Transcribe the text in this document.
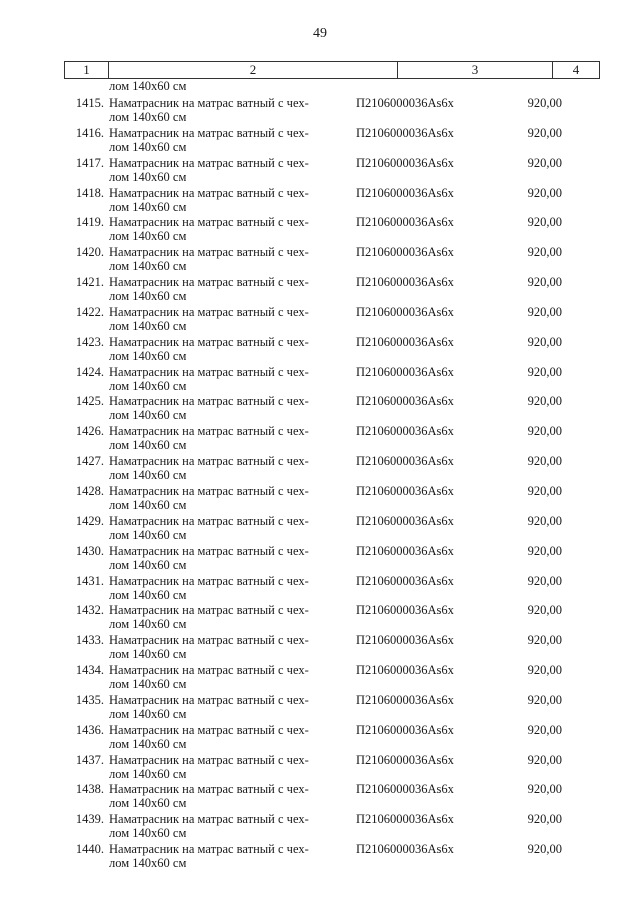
49
1	2	3	4
лом 140x60 см
1415. Наматрасник на матрас ватный с чех-
лом 140x60 см
П2106000036Аs6x	920,00
1416. Наматрасник на матрас ватный с чех-
лом 140x60 см
П2106000036Аs6x	920,00
1417. Наматрасник на матрас ватный с чех-
лом 140x60 см
П2106000036Аs6x	920,00
1418. Наматрасник на матрас ватный с чех-
лом 140x60 см
П2106000036Аs6x	920,00
1419. Наматрасник на матрас ватный с чех-
лом 140x60 см
П2106000036Аs6x	920,00
1420. Наматрасник на матрас ватный с чех-
лом 140x60 см
П2106000036Аs6x	920,00
1421. Наматрасник на матрас ватный с чех-
лом 140x60 см
П2106000036Аs6x	920,00
1422. Наматрасник на матрас ватный с чех-
лом 140x60 см
П2106000036Аs6x	920,00
1423. Наматрасник на матрас ватный с чех-
лом 140x60 см
П2106000036Аs6x	920,00
1424. Наматрасник на матрас ватный с чех-
лом 140x60 см
П2106000036Аs6x	920,00
1425. Наматрасник на матрас ватный с чех-
лом 140x60 см
П2106000036Аs6x	920,00
1426. Наматрасник на матрас ватный с чех-
лом 140x60 см
П2106000036Аs6x	920,00
1427. Наматрасник на матрас ватный с чех-
лом 140x60 см
П2106000036Аs6x	920,00
1428. Наматрасник на матрас ватный с чех-
лом 140x60 см
П2106000036Аs6x	920,00
1429. Наматрасник на матрас ватный с чех-
лом 140x60 см
П2106000036Аs6x	920,00
1430. Наматрасник на матрас ватный с чех-
лом 140x60 см
П2106000036Аs6x	920,00
1431. Наматрасник на матрас ватный с чех-
лом 140x60 см
П2106000036Аs6x	920,00
1432. Наматрасник на матрас ватный с чех-
лом 140x60 см
П2106000036Аs6x	920,00
1433. Наматрасник на матрас ватный с чех-
лом 140x60 см
П2106000036Аs6x	920,00
1434. Наматрасник на матрас ватный с чех-
лом 140x60 см
П2106000036Аs6x	920,00
1435. Наматрасник на матрас ватный с чех-
лом 140x60 см
П2106000036Аs6x	920,00
1436. Наматрасник на матрас ватный с чех-
лом 140x60 см
П2106000036Аs6x	920,00
1437. Наматрасник на матрас ватный с чех-
лом 140x60 см
П2106000036Аs6x	920,00
1438. Наматрасник на матрас ватный с чех-
лом 140x60 см
П2106000036Аs6x	920,00
1439. Наматрасник на матрас ватный с чех-
лом 140x60 см
П2106000036Аs6x	920,00
1440. Наматрасник на матрас ватный с чех-
лом 140x60 см
П2106000036Аs6x	920,00
